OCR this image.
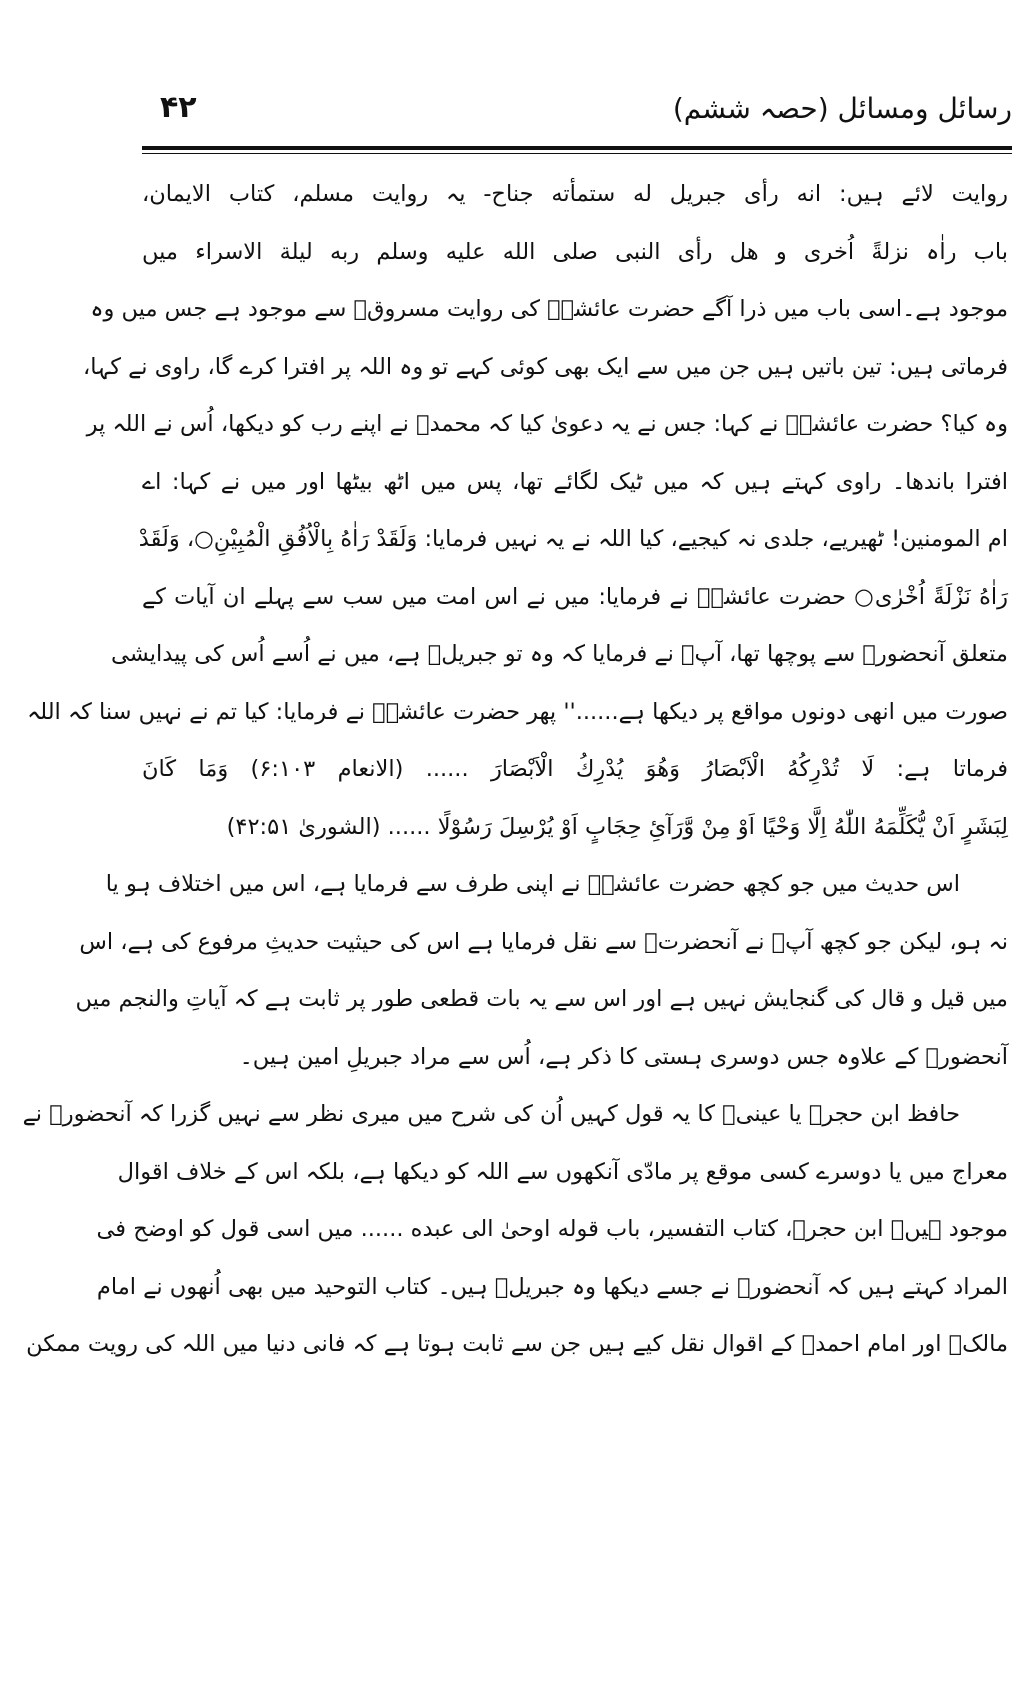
رسائل ومسائل (حصہ ششم)
۴۲
روایت لائے ہیں: انه رأی جبریل له ستمأته جناح- یہ روایت مسلم، کتاب الایمان،
باب راٰہ نزلةً اُخری و ھل رأی النبی صلی الله علیه وسلم ربه لیلة الاسراء میں
موجود ہے۔اسی باب میں ذرا آگے حضرت عائشہؓ کی روایت مسروقؒ سے موجود ہے جس میں وہ
فرماتی ہیں: تین باتیں ہیں جن میں سے ایک بھی کوئی کہے تو وہ اللہ پر افترا کرے گا، راوی نے کہا،
وہ کیا؟ حضرت عائشہؓ نے کہا: جس نے یہ دعویٰ کیا کہ محمدؐ نے اپنے رب کو دیکھا، اُس نے اللہ پر
افترا باندھا۔ راوی کہتے ہیں کہ میں ٹیک لگائے تھا، پس میں اٹھ بیٹھا اور میں نے کہا: اے
ام المومنین! ٹھیریے، جلدی نہ کیجیے، کیا اللہ نے یہ نہیں فرمایا: وَلَقَدْ رَاٰهُ بِالْاُفُقِ الْمُبِيْنِ○، وَلَقَدْ
رَاٰهُ نَزْلَةً اُخْرٰى○ حضرت عائشہؓ نے فرمایا: میں نے اس امت میں سب سے پہلے ان آیات کے
متعلق آنحضورؐ سے پوچھا تھا، آپؐ نے فرمایا کہ وہ تو جبریلؑ ہے، میں نے اُسے اُس کی پیدایشی
صورت میں انھی دونوں مواقع پر دیکھا ہے......'' پھر حضرت عائشہؓ نے فرمایا: کیا تم نے نہیں سنا کہ اللہ
فرماتا ہے: لَا تُدْرِكُهُ الْاَبْصَارُ وَهُوَ يُدْرِكُ الْاَبْصَارَ ...... (الانعام ۶:۱۰۳) وَمَا كَانَ
لِبَشَرٍ اَنْ يُّكَلِّمَهُ اللّٰهُ اِلَّا وَحْيًا اَوْ مِنْ وَّرَآئِ حِجَابٍ اَوْ يُرْسِلَ رَسُوْلًا ...... (الشوریٰ ۴۲:۵۱)
اس حدیث میں جو کچھ حضرت عائشہؓ نے اپنی طرف سے فرمایا ہے، اس میں اختلاف ہو یا
نہ ہو، لیکن جو کچھ آپؓ نے آنحضرتؐ سے نقل فرمایا ہے اس کی حیثیت حدیثِ مرفوع کی ہے، اس
میں قیل و قال کی گنجایش نہیں ہے اور اس سے یہ بات قطعی طور پر ثابت ہے کہ آیاتِ والنجم میں
آنحضورؐ کے علاوہ جس دوسری ہستی کا ذکر ہے، اُس سے مراد جبریلِ امین ہیں۔
حافظ ابن حجرؒ یا عینیؒ کا یہ قول کہیں اُن کی شرح میں میری نظر سے نہیں گزرا کہ آنحضورؐ نے
معراج میں یا دوسرے کسی موقع پر مادّی آنکھوں سے اللہ کو دیکھا ہے، بلکہ اس کے خلاف اقوال
موجود ہیں۔ ابن حجرؒ، کتاب التفسیر، باب قوله اوحیٰ الی عبده ...... میں اسی قول کو اوضح فی
المراد کہتے ہیں کہ آنحضورؐ نے جسے دیکھا وہ جبریلؑ ہیں۔ کتاب التوحید میں بھی اُنھوں نے امام
مالکؒ اور امام احمدؒ کے اقوال نقل کیے ہیں جن سے ثابت ہوتا ہے کہ فانی دنیا میں اللہ کی رویت ممکن
